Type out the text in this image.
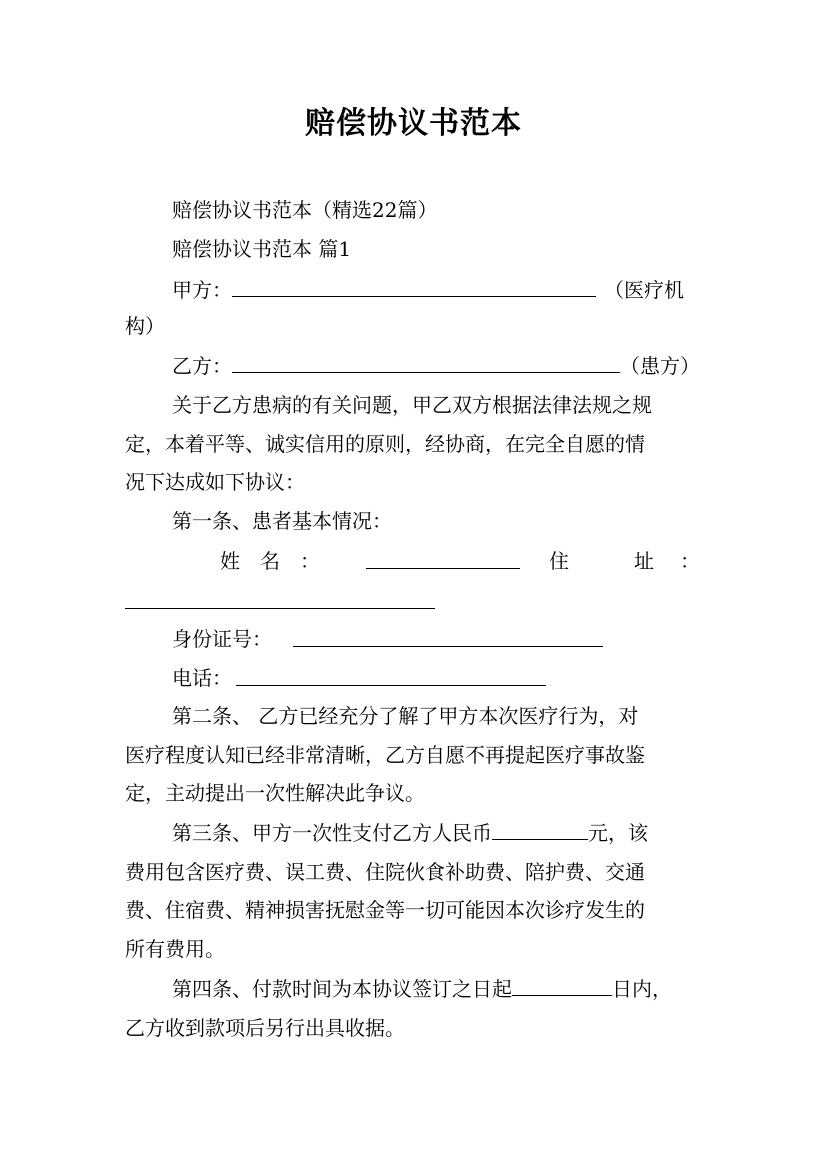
赔偿协议书范本
赔偿协议书范本（精选22篇）
赔偿协议书范本 篇1
甲方：	（医疗机
构）
乙方：	（患方）
关于乙方患病的有关问题，甲乙双方根据法律法规之规
定，本着平等、诚实信用的原则，经协商，在完全自愿的情
况下达成如下协议：
第一条、患者基本情况：
姓　名　：	住	址 ：
身份证号：
电话：
第二条、 乙方已经充分了解了甲方本次医疗行为，对
医疗程度认知已经非常清晰，乙方自愿不再提起医疗事故鉴
定，主动提出一次性解决此争议。
第三条、甲方一次性支付乙方人民币	元，该
费用包含医疗费、误工费、住院伙食补助费、陪护费、交通
费、住宿费、精神损害抚慰金等一切可能因本次诊疗发生的
所有费用。
第四条、付款时间为本协议签订之日起	日内，
乙方收到款项后另行出具收据。
